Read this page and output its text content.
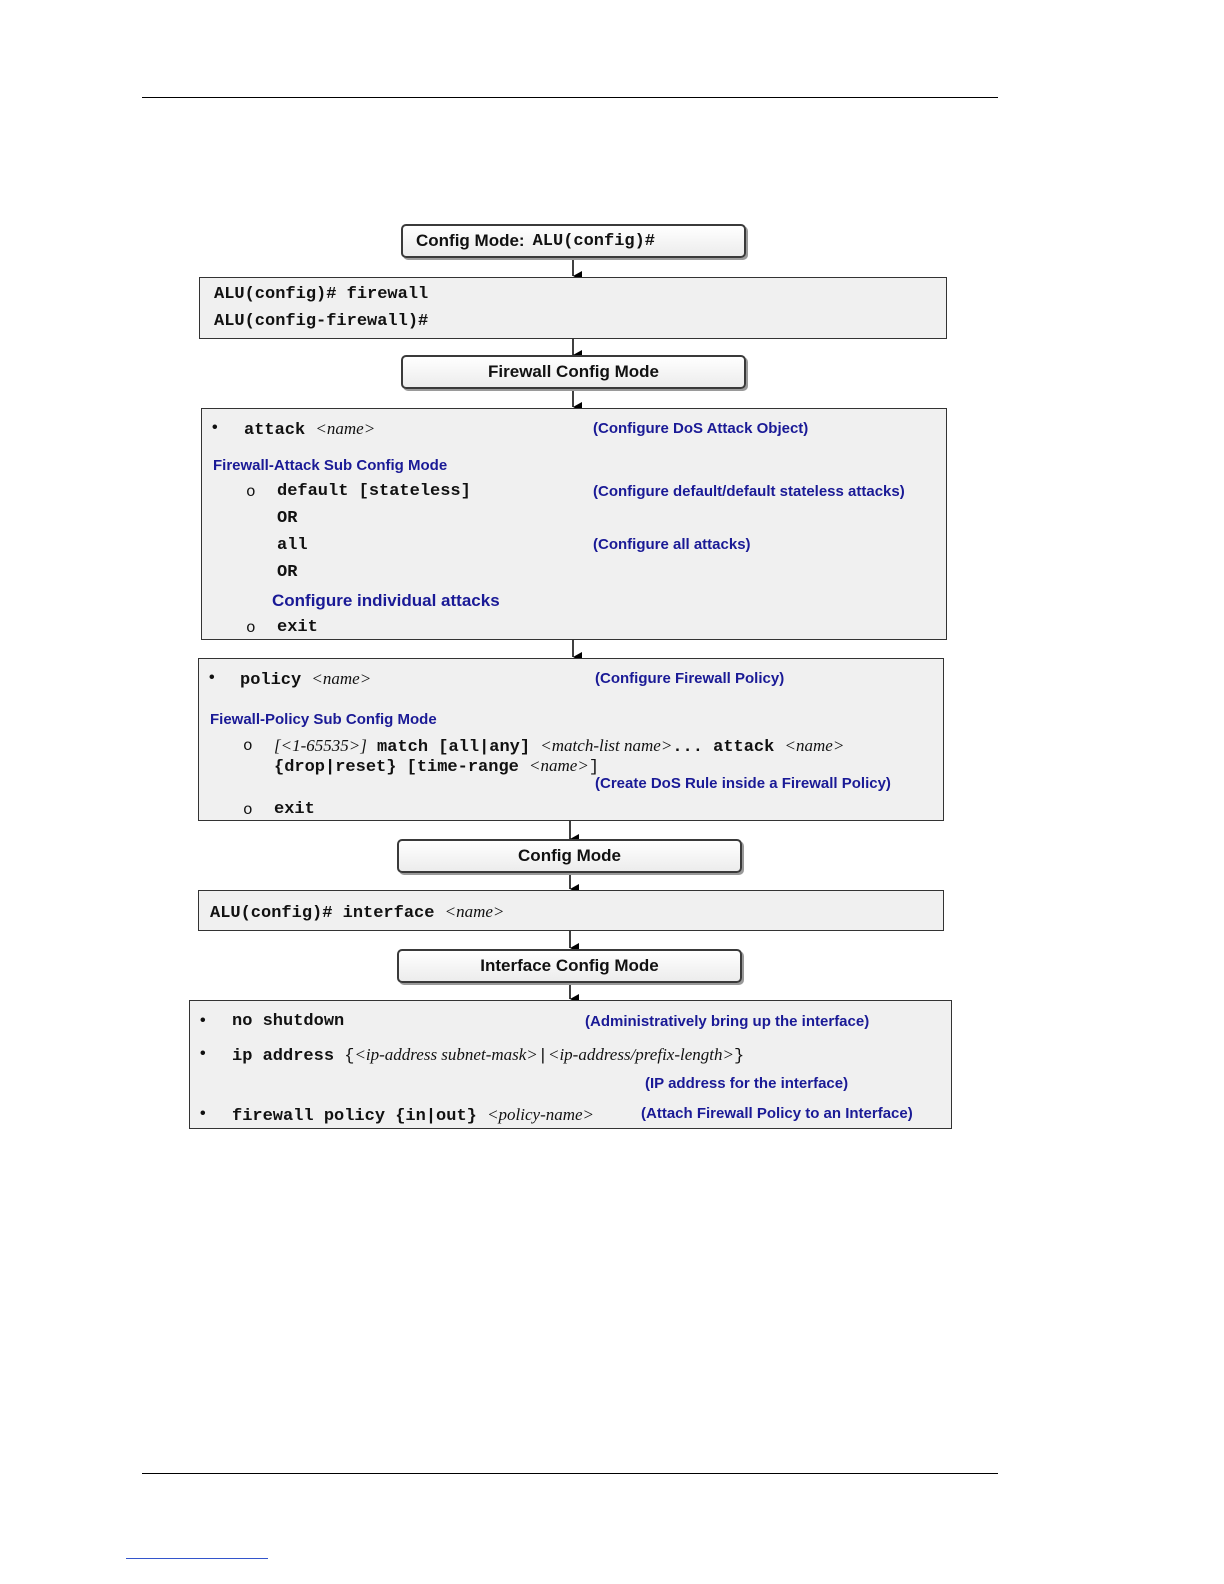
Config Mode: ALU(config)#
ALU(config)# firewall
ALU(config-firewall)#
Firewall Config Mode
• attack <name>	(Configure DoS Attack Object)
Firewall-Attack Sub Config Mode
o default [stateless]	(Configure default/default stateless attacks)
OR
all	(Configure all attacks)
OR
Configure individual attacks
o exit
• policy <name>	(Configure Firewall Policy)
Fiewall-Policy Sub Config Mode
o [<1-65535>] match [all|any] <match-list name>... attack <name>
{drop|reset} [time-range <name>]
(Create DoS Rule inside a Firewall Policy)
o exit
Config Mode
ALU(config)# interface <name>
Interface Config Mode
• no shutdown	(Administratively bring up the interface)
• ip address {<ip-address subnet-mask>|<ip-address/prefix-length>}
(IP address for the interface)
• firewall policy {in|out} <policy-name>	(Attach Firewall Policy to an Interface)
